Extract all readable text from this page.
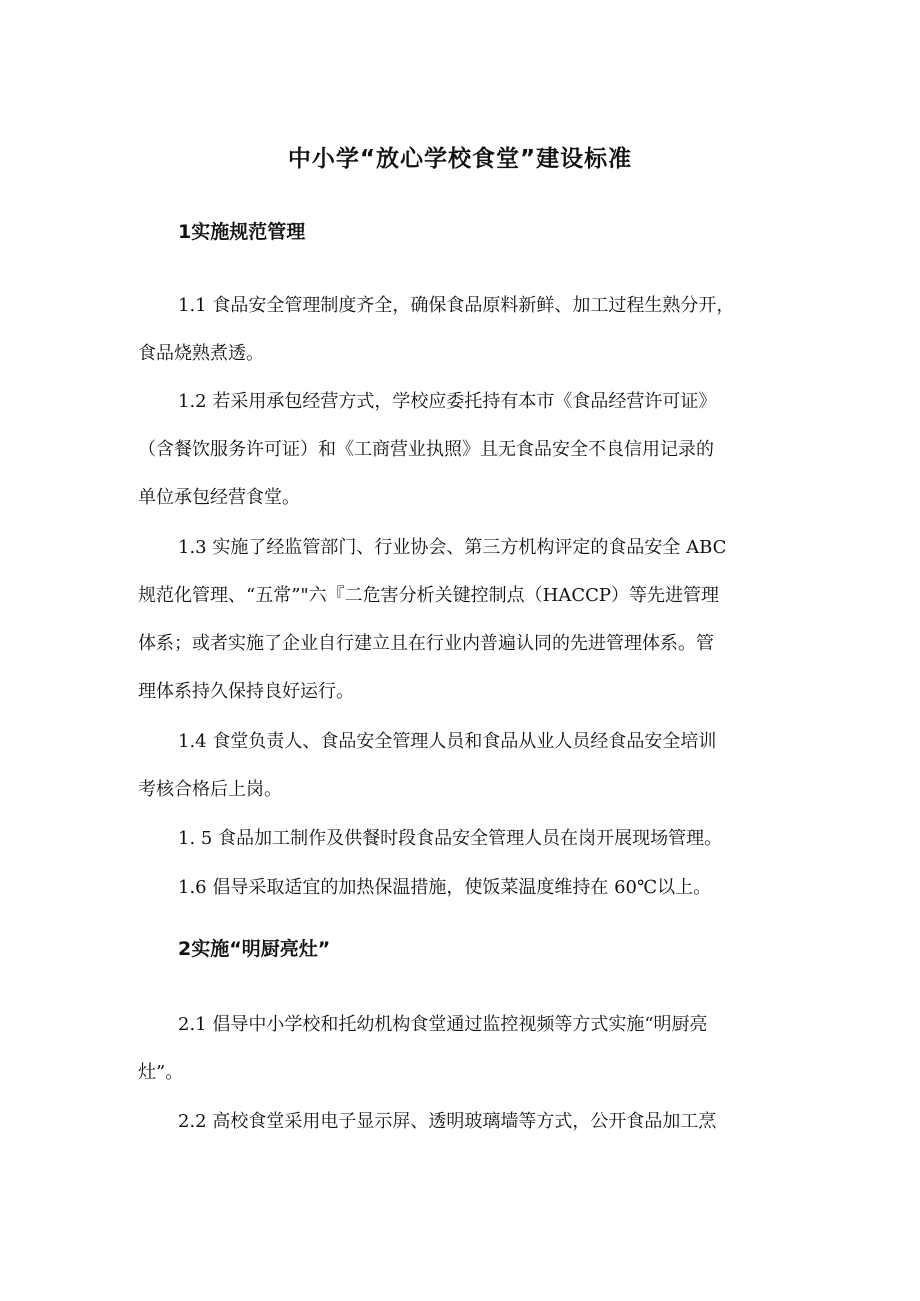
中小学“放心学校食堂”建设标准
1实施规范管理

1.1 食品安全管理制度齐全，确保食品原料新鲜、加工过程生熟分开，
食品烧熟煮透。

1.2 若采用承包经营方式，学校应委托持有本市《食品经营许可证》
（含餐饮服务许可证）和《工商营业执照》且无食品安全不良信用记录的
单位承包经营食堂。

1.3 实施了经监管部门、行业协会、第三方机构评定的食品安全 ABC
规范化管理、“五常”"六『二危害分析关键控制点（HACCP）等先进管理
体系；或者实施了企业自行建立且在行业内普遍认同的先进管理体系。管
理体系持久保持良好运行。

1.4 食堂负责人、食品安全管理人员和食品从业人员经食品安全培训
考核合格后上岗。

1. 5 食品加工制作及供餐时段食品安全管理人员在岗开展现场管理。

1.6 倡导采取适宜的加热保温措施，使饭菜温度维持在 60℃以上。

2实施“明厨亮灶”

2.1 倡导中小学校和托幼机构食堂通过监控视频等方式实施“明厨亮
灶”。

2.2 高校食堂采用电子显示屏、透明玻璃墙等方式，公开食品加工烹
